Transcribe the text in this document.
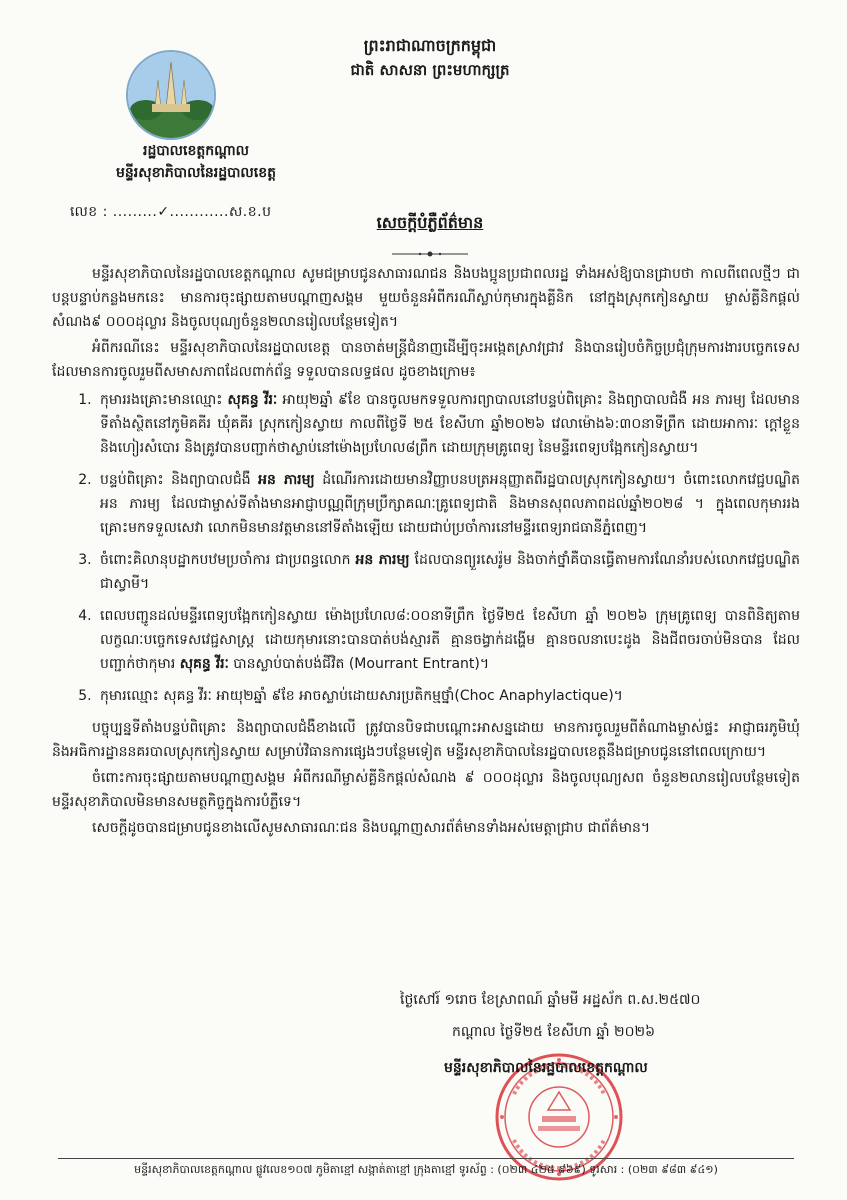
ព្រះរាជាណាចក្រកម្ពុជា
ជាតិ សាសនា ព្រះមហាក្សត្រ
រដ្ឋបាលខេត្តកណ្ដាល
មន្ទីរសុខាភិបាលនៃរដ្ឋបាលខេត្ត
លេខ : .........✓............ស.ខ.ប
សេចក្ដីបំភ្លឺព័ត៌មាន

មន្ទីរសុខាភិបាលនៃរដ្ឋបាលខេត្តកណ្ដាល សូមជម្រាបជូនសាធារណជន និងបងប្អូនប្រជាពលរដ្ឋ ទាំងអស់ឱ្យបានជ្រាបថា កាលពីពេលថ្មីៗ ជាបន្តបន្ទាប់កន្លងមកនេះ មានការចុះផ្សាយតាមបណ្ដាញសង្គម មួយចំនួនអំពីករណីស្លាប់កុមារក្នុងគ្លីនិក នៅក្នុងស្រុកកៀនស្វាយ ម្ចាស់គ្លីនិកផ្ដល់សំណង៩ ០០០ដុល្លារ និងចូលបុណ្យចំនួន២លានរៀលបន្ថែមទៀត។

អំពីករណីនេះ មន្ទីរសុខាភិបាលនៃរដ្ឋបាលខេត្ត បានចាត់មន្ត្រីជំនាញដើម្បីចុះអង្កេតស្រាវជ្រាវ និងបានរៀបចំកិច្ចប្រជុំក្រុមការងារបច្ចេកទេស ដែលមានការចូលរួមពីសមាសភាពដែលពាក់ព័ន្ធ ទទួលបានលទ្ធផល ដូចខាងក្រោម៖

1. កុមាររងគ្រោះមានឈ្មោះ សុគន្ធ វីរៈ អាយុ២ឆ្នាំ ៩ខែ បានចូលមកទទួលការព្យាបាលនៅបន្ទប់ពិគ្រោះ និងព្យាបាលជំងឺ អន ភារម្យ ដែលមានទីតាំងស្ថិតនៅភូមិគគីរ ឃុំគគីរ ស្រុកកៀនស្វាយ កាលពីថ្ងៃទី ២៥ ខែសីហា ឆ្នាំ២០២៦ វេលាម៉ោង៦:៣០នាទីព្រឹក ដោយអាការៈ ក្ដៅខ្លួន និងហៀរសំបោរ និងគ្រូវបានបញ្ជាក់ថាស្លាប់នៅម៉ោងប្រហែល៨ព្រឹក ដោយក្រុមគ្រូពេទ្យ នៃមន្ទីរពេទ្យបង្អែកកៀនស្វាយ។
2. បន្ទប់ពិគ្រោះ និងព្យាបាលជំងឺ អន ភារម្យ ដំណើរការដោយមានវិញ្ញាបនបត្រអនុញ្ញាតពីរដ្ឋបាលស្រុកកៀនស្វាយ។ ចំពោះលោកវេជ្ជបណ្ឌិត អន ភារម្យ ដែលជាម្ចាស់ទីតាំងមានអាជ្ញាបណ្ណពីក្រុមប្រឹក្សាគណៈគ្រូពេទ្យជាតិ និងមានសុពលភាពដល់ឆ្នាំ២០២៨ ។ ក្នុងពេលកុមាររងគ្រោះមកទទួលសេវា លោកមិនមានវត្តមាននៅទីតាំងឡើយ ដោយជាប់ប្រចាំការនៅមន្ទីរពេទ្យរាជធានីភ្នំពេញ។
3. ចំពោះគិលានុបដ្ឋាកបឋមប្រចាំការ ជាប្រពន្ធលោក អន ភារម្យ ដែលបានព្យួរសេរ៉ូម និងចាក់ថ្នាំគឺបានធ្វើតាមការណែនាំរបស់លោកវេជ្ជបណ្ឌិតជាស្វាមី។
4. ពេលបញ្ជូនដល់មន្ទីរពេទ្យបង្អែកកៀនស្វាយ ម៉ោងប្រហែល៨:០០នាទីព្រឹក ថ្ងៃទី២៥ ខែសីហា ឆ្នាំ ២០២៦ ក្រុមគ្រូពេទ្យ បានពិនិត្យតាមលក្ខណៈបច្ចេកទេសវេជ្ជសាស្ត្រ ដោយកុមារនោះបានបាត់បង់ស្មារតី គ្មានចង្វាក់ដង្ហើម គ្មានចលនាបេះដូង និងជីពចរចាប់មិនបាន ដែលបញ្ជាក់ថាកុមារ សុគន្ធ វីរៈ បានស្លាប់បាត់បង់ជីវិត (Mourrant Entrant)។
5. កុមារឈ្មោះ សុគន្ធ វីរៈ អាយុ២ឆ្នាំ ៩ខែ អាចស្លាប់ដោយសារប្រតិកម្មថ្នាំ(Choc Anaphylactique)។

បច្ចុប្បន្នទីតាំងបន្ទប់ពិគ្រោះ និងព្យាបាលជំងឺខាងលើ ត្រូវបានបិទជាបណ្ដោះអាសន្នដោយ មានការចូលរួមពីតំណាងម្ចាស់ផ្ទះ អាជ្ញាធរភូមិឃុំ និងអធិការដ្ឋាននគរបាលស្រុកកៀនស្វាយ សម្រាប់វិធានការផ្សេងៗបន្ថែមទៀត មន្ទីរសុខាភិបាលនៃរដ្ឋបាលខេត្តនឹងជម្រាបជូននៅពេលក្រោយ។

ចំពោះការចុះផ្សាយតាមបណ្ដាញសង្គម អំពីករណីម្ចាស់គ្លីនិកផ្ដល់សំណង ៩ ០០០ដុល្លារ និងចូលបុណ្យសព ចំនួន២លានរៀលបន្ថែមទៀត មន្ទីរសុខាភិបាលមិនមានសមត្ថកិច្ចក្នុងការបំភ្លឺទេ។

សេចក្ដីដូចបានជម្រាបជូនខាងលើសូមសាធារណៈជន និងបណ្ដាញសារព័ត៌មានទាំងអស់មេត្តាជ្រាប ជាព័ត៌មាន។

ថ្ងៃសៅរ៍ ១រោច ខែស្រាពណ៍ ឆ្នាំមមី អដ្ឋស័ក ព.ស.២៥៧០
កណ្ដាល ថ្ងៃទី២៥ ខែសីហា ឆ្នាំ ២០២៦
មន្ទីរសុខាភិបាលនៃរដ្ឋបាលខេត្តកណ្ដាល
មន្ទីរសុខាភិបាលខេត្តកណ្ដាល ផ្លូវលេខ១០៧ ភូមិតាខ្មៅ សង្កាត់តាខ្មៅ ក្រុងតាខ្មៅ ទូរស័ព្ទ : (០២៣ ៤២៥ ៩៦៩) ទូរសារ : (០២៣ ៩៨៣ ៩៤១)
